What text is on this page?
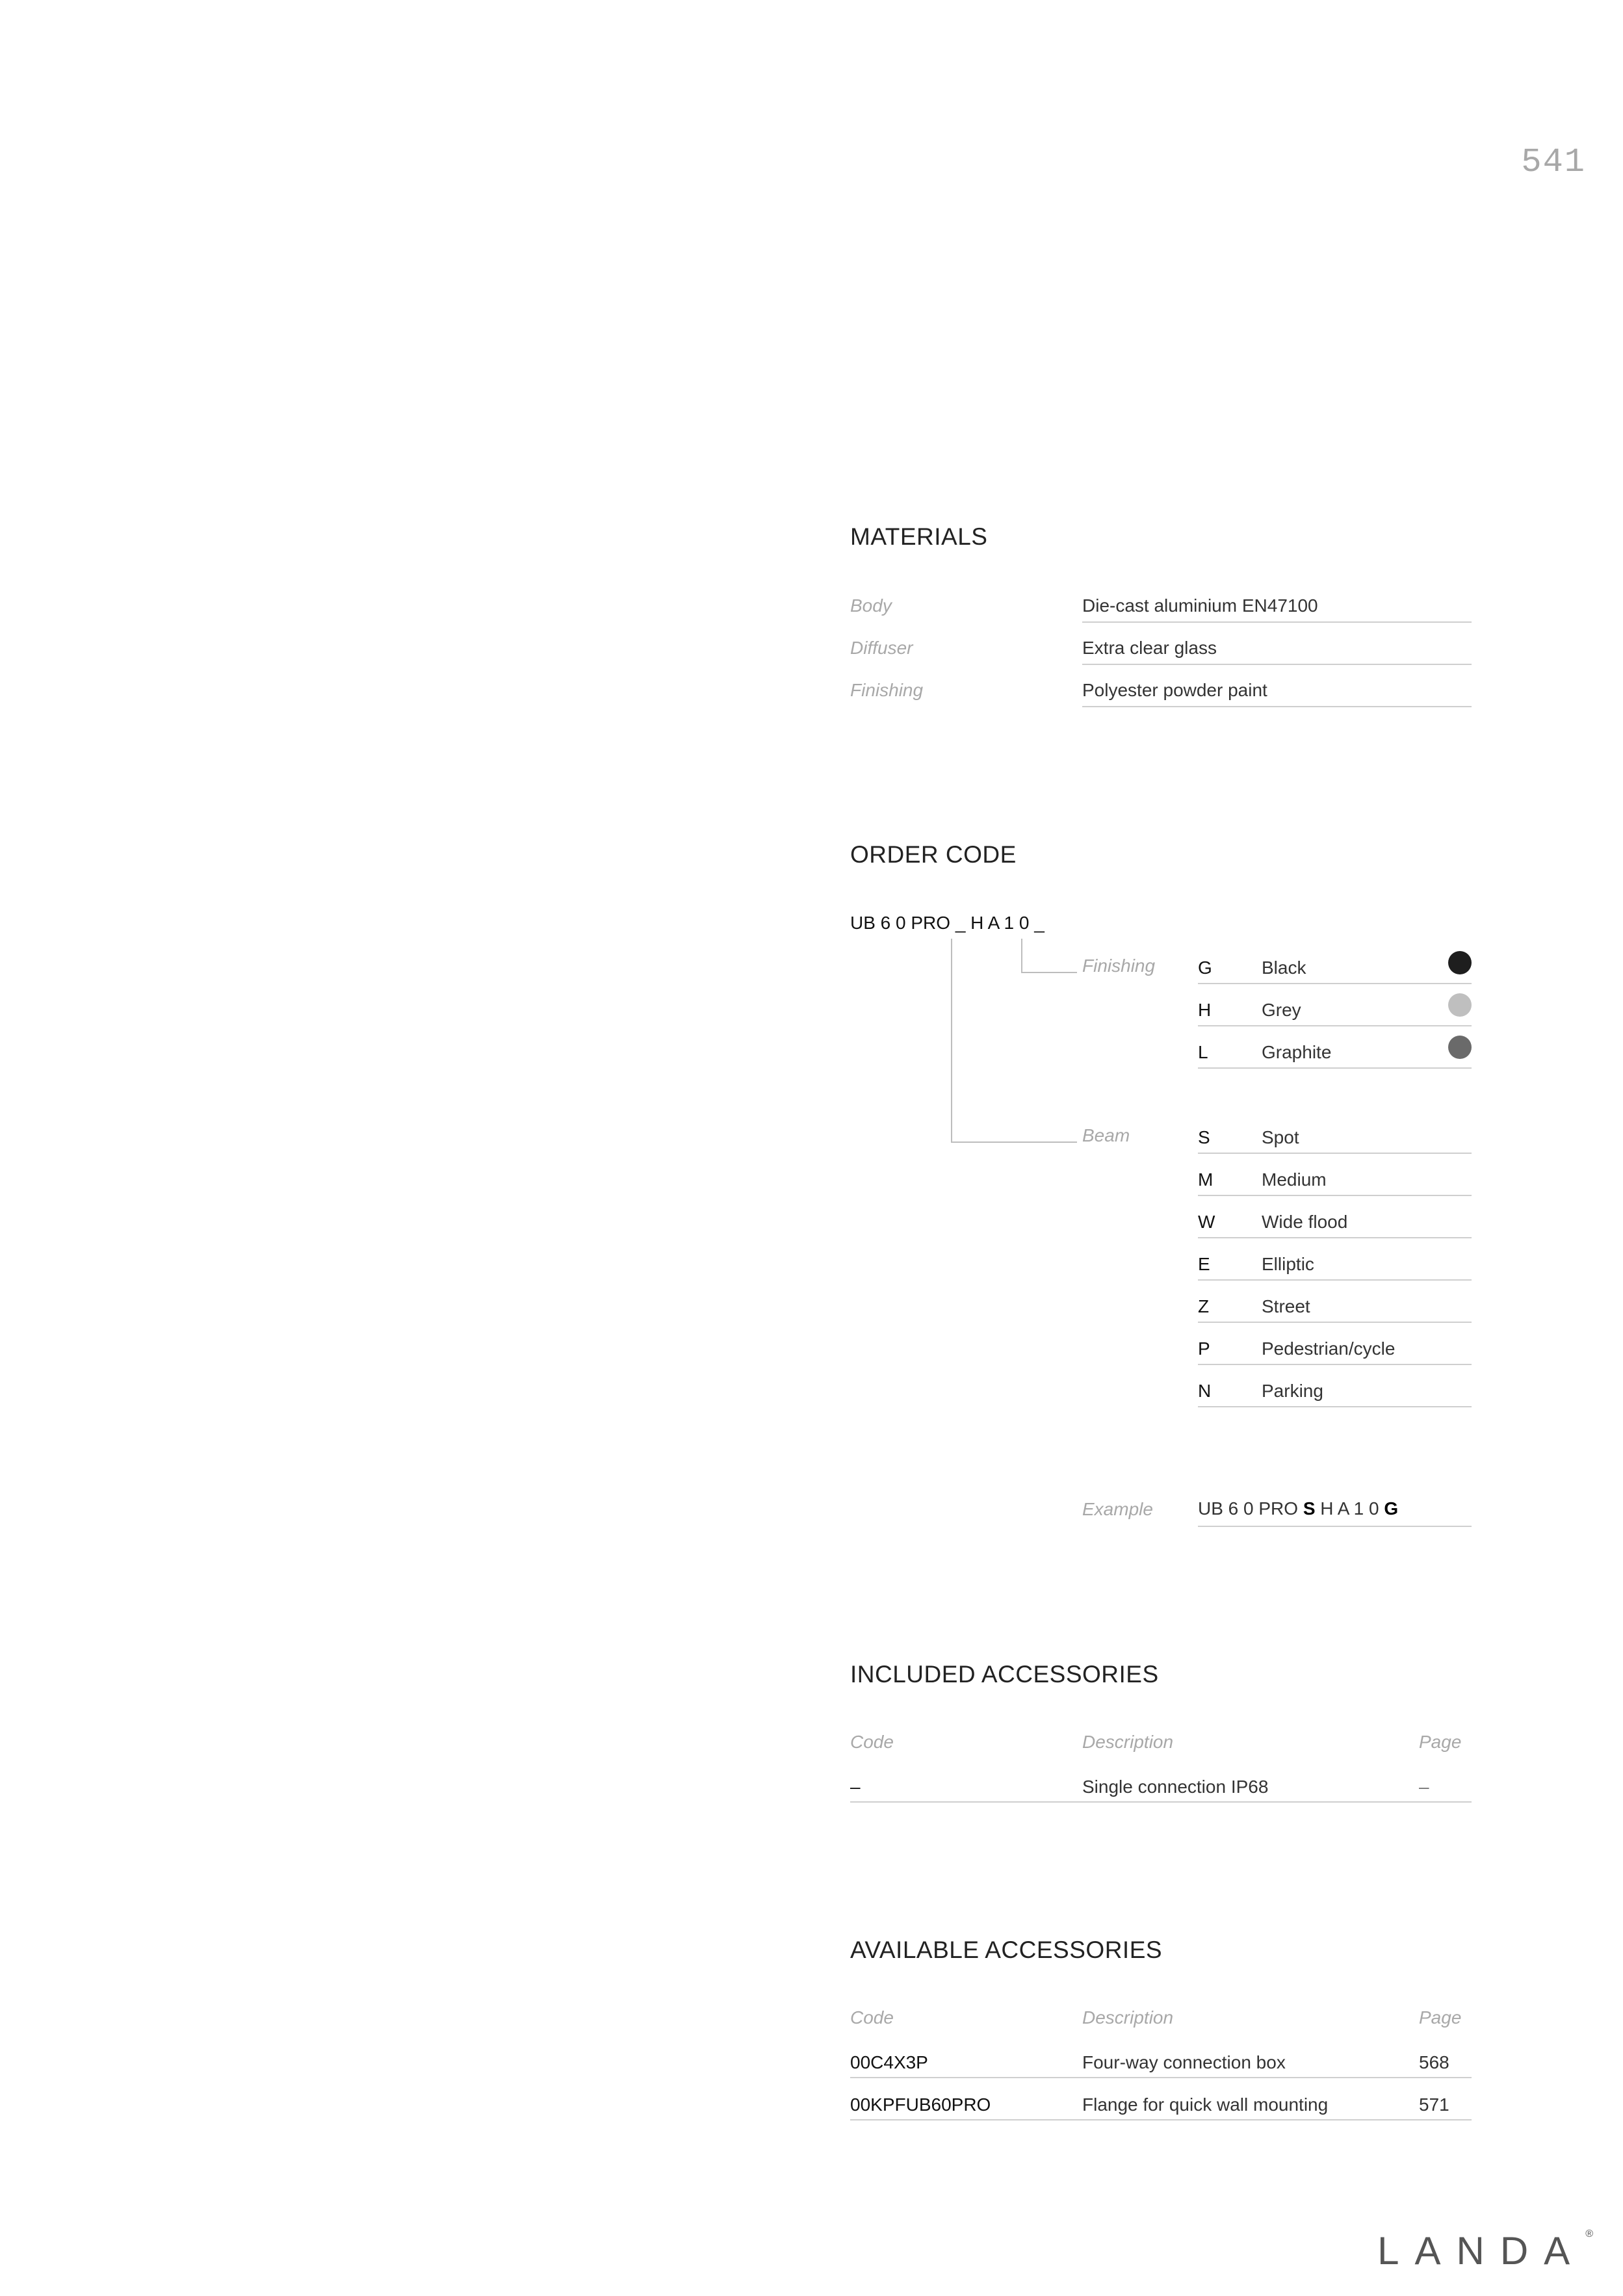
541
MATERIALS
Body	Die-cast aluminium EN47100
Diffuser	Extra clear glass
Finishing	Polyester powder paint
ORDER CODE
UB 6 0 PRO _ H A 1 0 _
Finishing G	Black
H	Grey
L	Graphite
Beam	S	Spot
M	Medium
W	Wide flood
E	Elliptic
Z	Street
P	Pedestrian/cycle
N	Parking
Example UB 6 0 PRO S H A 1 0 G
INCLUDED ACCESSORIES
Code	Description	Page
–	Single connection IP68	–
AVAILABLE ACCESSORIES
Code	Description	Page
00C4X3P	Four-way connection box	568
00KPFUB60PRO	Flange for quick wall mounting	571
LANDA®
